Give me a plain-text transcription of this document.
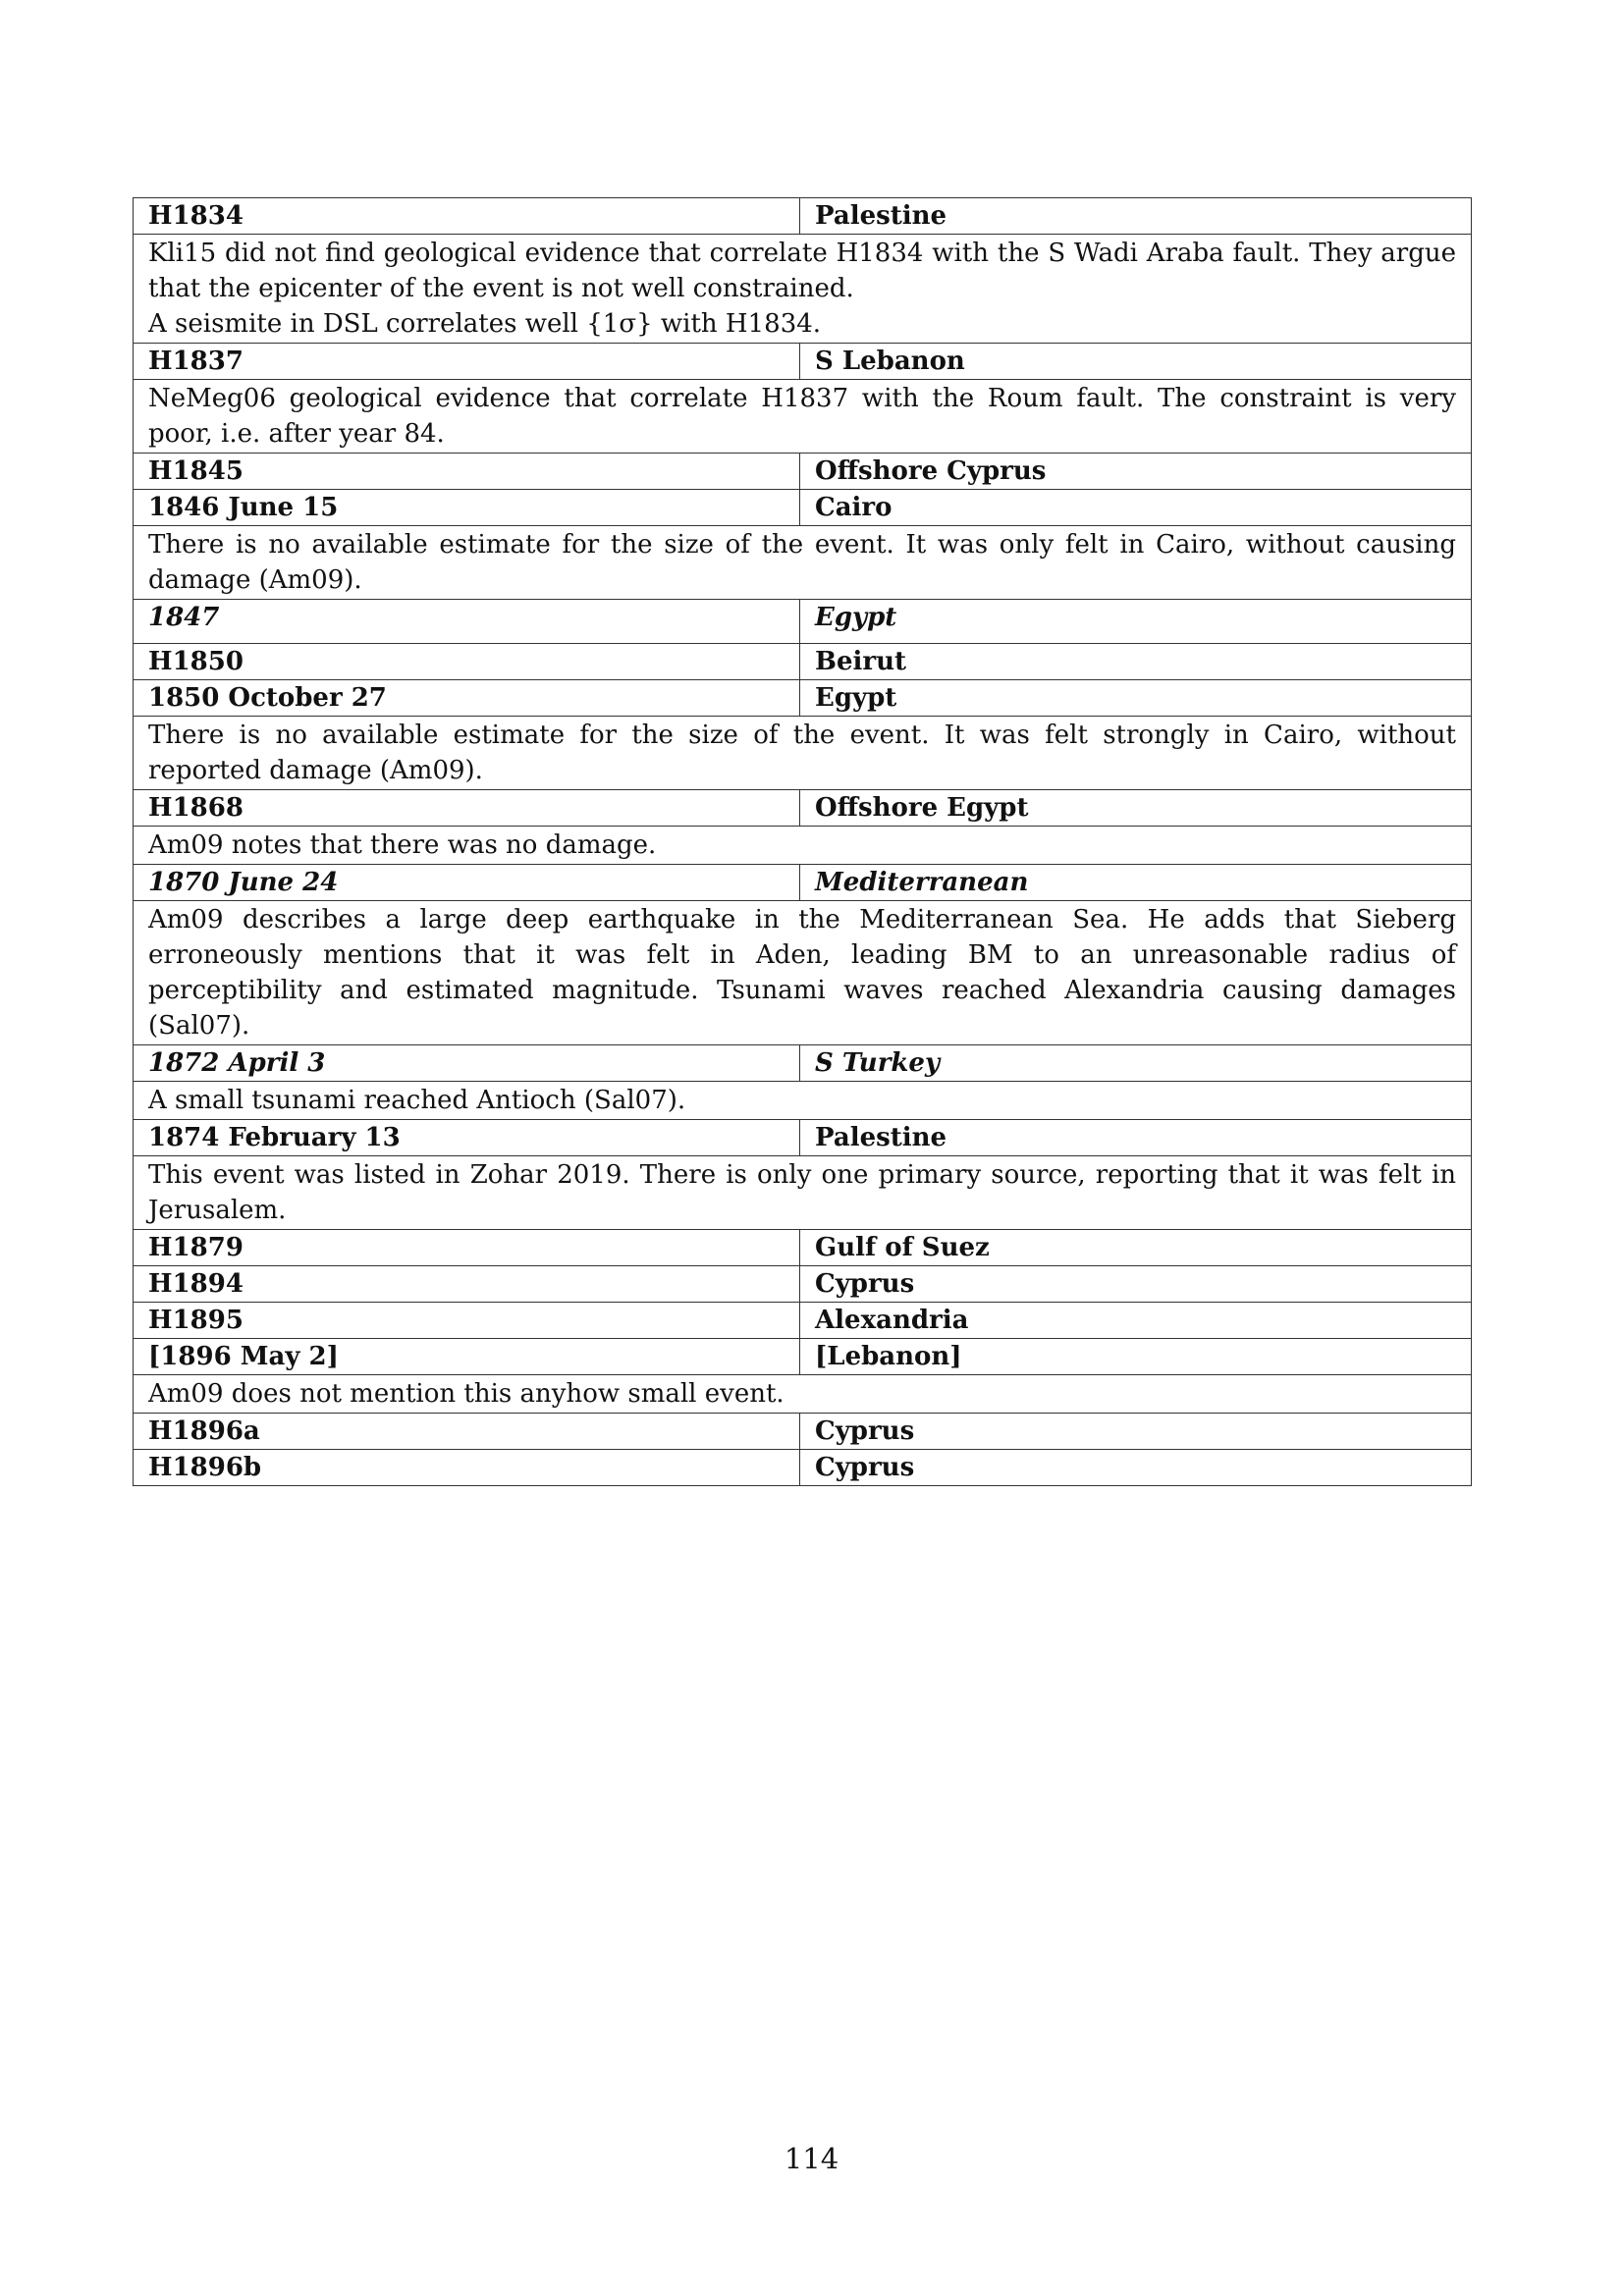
H1834	Palestine

Kli15 did not find geological evidence that correlate H1834 with the S Wadi Araba fault. They argue that the epicenter of the event is not well constrained.
A seismite in DSL correlates well {1σ} with H1834.	

H1837	S Lebanon

NeMeg06 geological evidence that correlate H1837 with the Roum fault. The constraint is very poor, i.e. after year 84.	

H1845	Offshore Cyprus
1846 June 15	Cairo

There is no available estimate for the size of the event. It was only felt in Cairo, without causing damage (Am09).	

1847	Egypt
H1850	Beirut
1850 October 27	Egypt

There is no available estimate for the size of the event. It was felt strongly in Cairo, without reported damage (Am09).	

H1868	Offshore Egypt

Am09 notes that there was no damage.	

1870 June 24	Mediterranean

Am09 describes a large deep earthquake in the Mediterranean Sea. He adds that Sieberg erroneously mentions that it was felt in Aden, leading BM to an unreasonable radius of perceptibility and estimated magnitude. Tsunami waves reached Alexandria causing damages (Sal07).	

1872 April 3	S Turkey

A small tsunami reached Antioch (Sal07).	

1874 February 13	Palestine

This event was listed in Zohar 2019. There is only one primary source, reporting that it was felt in Jerusalem.	

H1879	Gulf of Suez
H1894	Cyprus
H1895	Alexandria
[1896 May 2]	[Lebanon]

Am09 does not mention this anyhow small event.	

H1896a	Cyprus
H1896b	Cyprus
114
